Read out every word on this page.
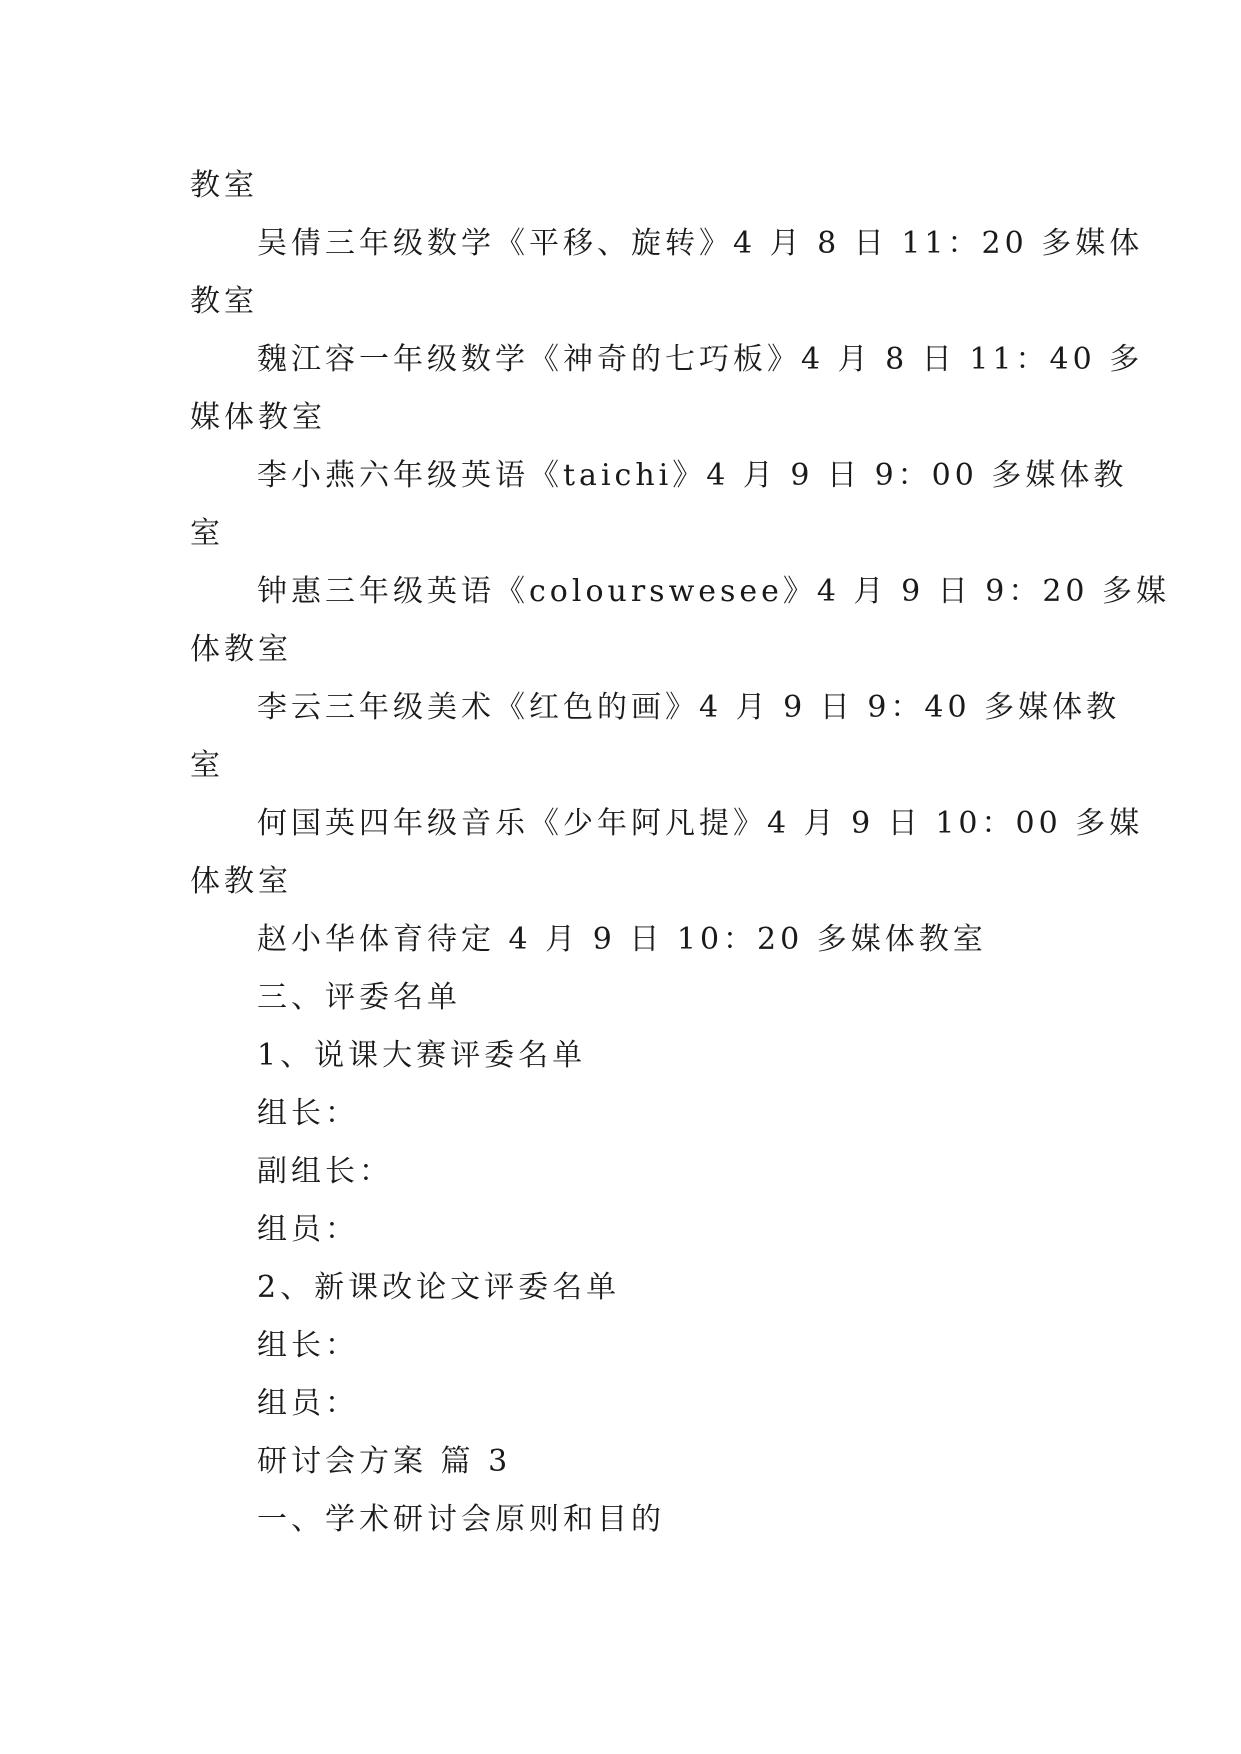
教室
吴倩三年级数学《平移、旋转》4 月 8 日 11：20 多媒体
教室
魏江容一年级数学《神奇的七巧板》4 月 8 日 11：40 多
媒体教室
李小燕六年级英语《taichi》4 月 9 日 9：00 多媒体教
室
钟惠三年级英语《colourswesee》4 月 9 日 9：20 多媒
体教室
李云三年级美术《红色的画》4 月 9 日 9：40 多媒体教
室
何国英四年级音乐《少年阿凡提》4 月 9 日 10：00 多媒
体教室
赵小华体育待定 4 月 9 日 10：20 多媒体教室
三、评委名单
1、说课大赛评委名单
组长：
副组长：
组员：
2、新课改论文评委名单
组长：
组员：
研讨会方案 篇 3
一、学术研讨会原则和目的
